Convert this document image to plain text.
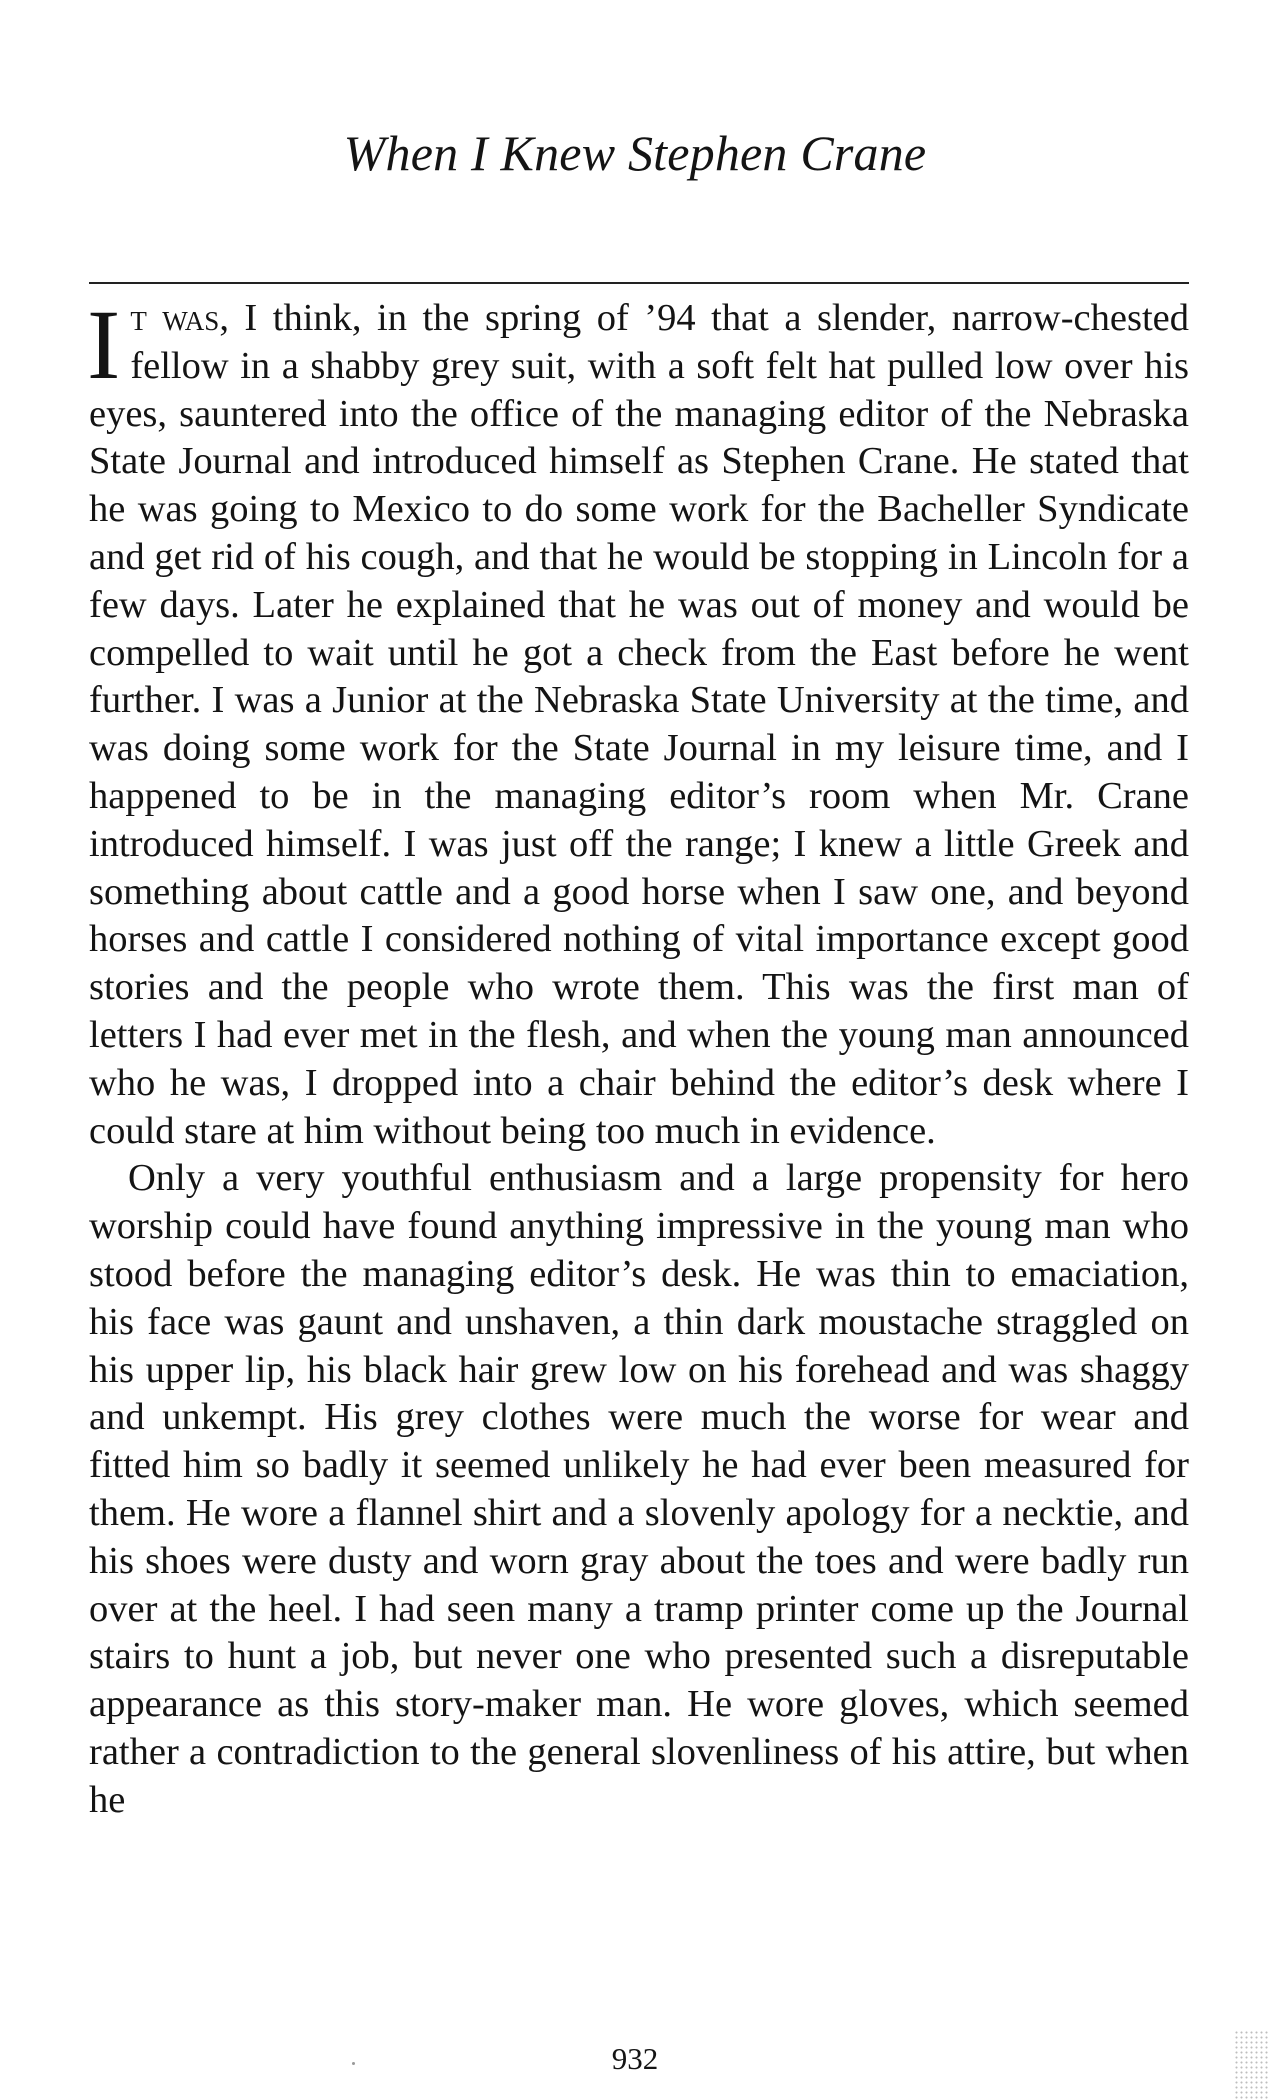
When I Knew Stephen Crane

It was, I think, in the spring of ’94 that a slender, narrow-chested fellow in a shabby grey suit, with a soft felt hat pulled low over his eyes, sauntered into the office of the managing editor of the Nebraska State Journal and introduced himself as Stephen Crane. He stated that he was going to Mexico to do some work for the Bacheller Syndicate and get rid of his cough, and that he would be stopping in Lincoln for a few days. Later he explained that he was out of money and would be compelled to wait until he got a check from the East before he went further. I was a Junior at the Nebraska State University at the time, and was doing some work for the State Journal in my leisure time, and I happened to be in the managing editor’s room when Mr. Crane introduced himself. I was just off the range; I knew a little Greek and something about cattle and a good horse when I saw one, and beyond horses and cattle I considered nothing of vital importance except good stories and the people who wrote them. This was the first man of letters I had ever met in the flesh, and when the young man announced who he was, I dropped into a chair behind the editor’s desk where I could stare at him without being too much in evidence.

Only a very youthful enthusiasm and a large propensity for hero worship could have found anything impressive in the young man who stood before the managing editor’s desk. He was thin to emaciation, his face was gaunt and unshaven, a thin dark moustache straggled on his upper lip, his black hair grew low on his forehead and was shaggy and unkempt. His grey clothes were much the worse for wear and fitted him so badly it seemed unlikely he had ever been measured for them. He wore a flannel shirt and a slovenly apology for a necktie, and his shoes were dusty and worn gray about the toes and were badly run over at the heel. I had seen many a tramp printer come up the Journal stairs to hunt a job, but never one who presented such a disreputable appearance as this story-maker man. He wore gloves, which seemed rather a contradiction to the general slovenliness of his attire, but when he

932
